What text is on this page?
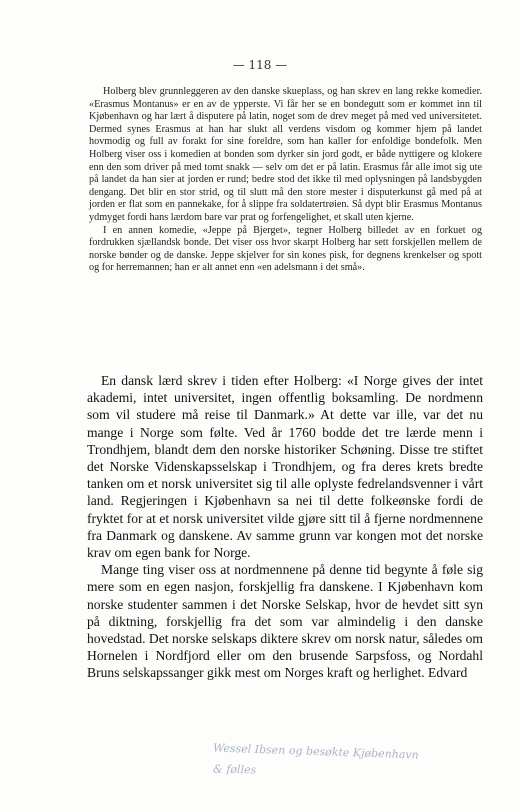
— 118 —

Holberg blev grunnleggeren av den danske skueplass, og han skrev en lang rekke komedier. «Erasmus Montanus» er en av de ypperste. Vi får her se en bondegutt som er kommet inn til Kjøbenhavn og har lært å disputere på latin, noget som de drev meget på med ved universitetet. Dermed synes Erasmus at han har slukt all verdens visdom og kommer hjem på landet hovmodig og full av forakt for sine foreldre, som han kaller for enfoldige bondefolk. Men Holberg viser oss i komedien at bonden som dyrker sin jord godt, er både nyttigere og klokere enn den som driver på med tomt snakk — selv om det er på latin. Erasmus får alle imot sig ute på landet da han sier at jorden er rund; bedre stod det ikke til med oplysningen på landsbygden dengang. Det blir en stor strid, og til slutt må den store mester i disputerkunst gå med på at jorden er flat som en pannekake, for å slippe fra soldatertrøien. Så dypt blir Erasmus Montanus ydmyget fordi hans lærdom bare var prat og forfengelighet, et skall uten kjerne.

I en annen komedie, «Jeppe på Bjerget», tegner Holberg billedet av en forkuet og fordrukken sjællandsk bonde. Det viser oss hvor skarpt Holberg har sett forskjellen mellem de norske bønder og de danske. Jeppe skjelver for sin kones pisk, for degnens krenkelser og spott og for herremannen; han er alt annet enn «en adelsmann i det små».

En dansk lærd skrev i tiden efter Holberg: «I Norge gives der intet akademi, intet universitet, ingen offentlig boksamling. De nordmenn som vil studere må reise til Danmark.» At dette var ille, var det nu mange i Norge som følte. Ved år 1760 bodde det tre lærde menn i Trondhjem, blandt dem den norske historiker Schøning. Disse tre stiftet det Norske Videnskapsselskap i Trondhjem, og fra deres krets bredte tanken om et norsk universitet sig til alle oplyste fedrelandsvenner i vårt land. Regjeringen i Kjøbenhavn sa nei til dette folkeønske fordi de fryktet for at et norsk universitet vilde gjøre sitt til å fjerne nordmennene fra Danmark og danskene. Av samme grunn var kongen mot det norske krav om egen bank for Norge.

Mange ting viser oss at nordmennene på denne tid begynte å føle sig mere som en egen nasjon, forskjellig fra danskene. I Kjøbenhavn kom norske studenter sammen i det Norske Selskap, hvor de hevdet sitt syn på diktning, forskjellig fra det som var almindelig i den danske hovedstad. Det norske selskaps diktere skrev om norsk natur, således om Hornelen i Nordfjord eller om den brusende Sarpsfoss, og Nordahl Bruns selskapssanger gikk mest om Norges kraft og herlighet. Edvard

Wessel Ibsen og besøkte Kjøbenhavn
& følles
